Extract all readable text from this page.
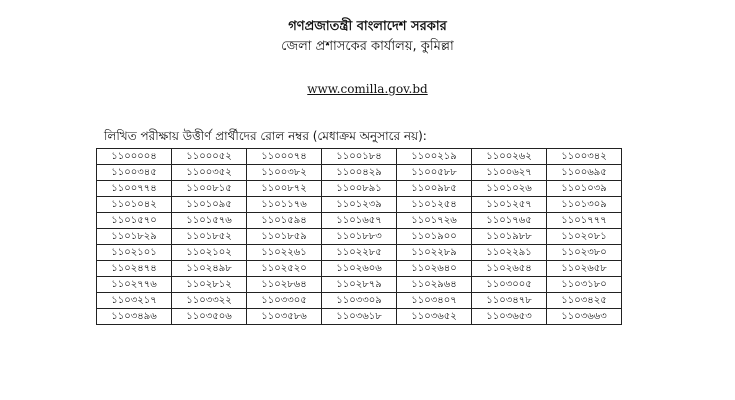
গণপ্রজাতন্ত্রী বাংলাদেশ সরকার
জেলা প্রশাসকের কার্যালয়, কুমিল্লা
www.comilla.gov.bd
লিখিত পরীক্ষায় উত্তীর্ণ প্রার্থীদের রোল নম্বর (মেধাক্রম অনুসারে নয়):
১১০০০০৪	১১০০০৫২	১১০০০৭৪	১১০০১৮৪	১১০০২১৯	১১০০২৬২	১১০০৩৪২
১১০০৩৪৫	১১০০৩৫২	১১০০৩৮২	১১০০৪২৯	১১০০৫৮৮	১১০০৬২৭	১১০০৬৯৫
১১০০৭৭৪	১১০০৮১৫	১১০০৮৭২	১১০০৮৯১	১১০০৯৮৫	১১০১০২৬	১১০১০৩৯
১১০১০৪২	১১০১০৯৫	১১০১১৭৬	১১০১২৩৯	১১০১২৫৪	১১০১২৫৭	১১০১৩০৯
১১০১৫৭০	১১০১৫৭৬	১১০১৫৯৪	১১০১৬৫৭	১১০১৭২৬	১১০১৭৬৫	১১০১৭৭৭
১১০১৮২৯	১১০১৮৫২	১১০১৮৫৯	১১০১৮৮৩	১১০১৯০০	১১০১৯৮৮	১১০২০৮১
১১০২১০১	১১০২১০২	১১০২২৬১	১১০২২৮৫	১১০২২৮৯	১১০২২৯১	১১০২৩৮০
১১০২৪৭৪	১১০২৪৯৮	১১০২৫২০	১১০২৬০৬	১১০২৬৪০	১১০২৬৫৪	১১০২৬৫৮
১১০২৭৭৬	১১০২৮১২	১১০২৮৬৪	১১০২৮৭৯	১১০২৯৬৪	১১০৩০০৫	১১০৩১৮০
১১০৩২১৭	১১০৩৩২২	১১০৩৩০৫	১১০৩৩০৯	১১০৩৪০৭	১১০৩৪৭৮	১১০৩৪২৫
১১০৩৪৯৬	১১০৩৫০৬	১১০৩৫৮৬	১১০৩৬১৮	১১০৩৬৫২	১১০৩৬৫৩	১১০৩৬৬৩
